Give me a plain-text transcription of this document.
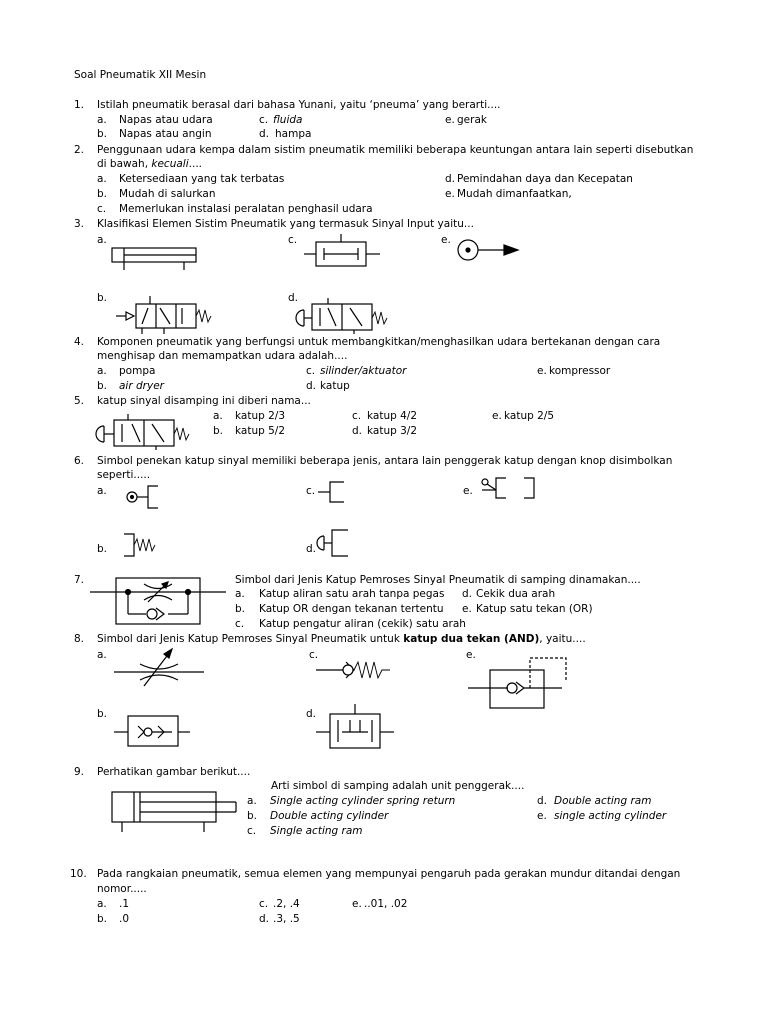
Soal Pneumatik XII Mesin
1. Istilah pneumatik berasal dari bahasa Yunani, yaitu ‘pneuma’ yang berarti....
a. Napas atau udara	c. fluida	e. gerak
b. Napas atau angin	d. hampa
2. Penggunaan udara kempa dalam sistim pneumatik memiliki beberapa keuntungan antara lain seperti disebutkan
di bawah, kecuali....
a. Ketersediaan yang tak terbatas	d. Pemindahan daya dan Kecepatan
b. Mudah di salurkan	e. Mudah dimanfaatkan,
c. Memerlukan instalasi peralatan penghasil udara
3. Klasifikasi Elemen Sistim Pneumatik yang termasuk Sinyal Input yaitu...
a.	c.	e.
b.	d.
4. Komponen pneumatik yang berfungsi untuk membangkitkan/menghasilkan udara bertekanan dengan cara
menghisap dan memampatkan udara adalah....
a. pompa	c. silinder/aktuator	e. kompressor
b. air dryer	d. katup
5. katup sinyal disamping ini diberi nama...
a. katup 2/3	c. katup 4/2	e. katup 2/5
b. katup 5/2	d. katup 3/2
6. Simbol penekan katup sinyal memiliki beberapa jenis, antara lain penggerak katup dengan knop disimbolkan
seperti.....
a.	c.	e.
b.	d.
7.	Simbol dari Jenis Katup Pemroses Sinyal Pneumatik di samping dinamakan....
a. Katup aliran satu arah tanpa pegas d. Cekik dua arah
b. Katup OR dengan tekanan tertentu e. Katup satu tekan (OR)
c. Katup pengatur aliran (cekik) satu arah
8. Simbol dari Jenis Katup Pemroses Sinyal Pneumatik untuk katup dua tekan (AND), yaitu....
a.	c.	e.
b.	d.
9. Perhatikan gambar berikut....
Arti simbol di samping adalah unit penggerak....
a. Single acting cylinder spring return	d. Double acting ram
b. Double acting cylinder	e. single acting cylinder
c. Single acting ram
10. Pada rangkaian pneumatik, semua elemen yang mempunyai pengaruh pada gerakan mundur ditandai dengan
nomor.....
a. .1	c. .2, .4	e. ..01, .02
b. .0	d. .3, .5
